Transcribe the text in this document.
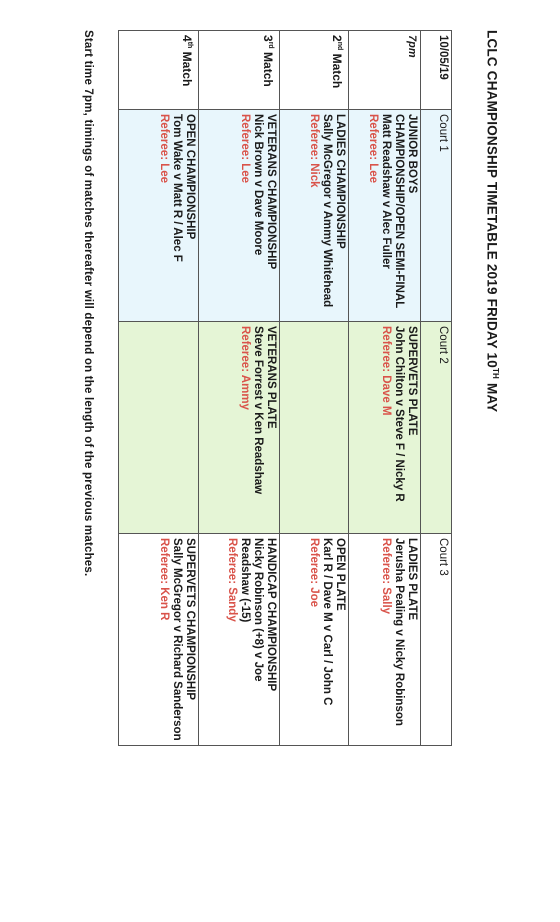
LCLC CHAMPIONSHIP TIMETABLE 2019 FRIDAY 10TH MAY
10/05/19	Court 1	Court 2	Court 3
7pm	JUNIOR BOYS CHAMPIONSHIP/OPEN SEMI-FINAL
Matt Readshaw v Alec Fuller
Referee: Lee	SUPERVETS PLATE
John Chilton v Steve F / Nicky R
Referee: Dave M	LADIES PLATE
Jerusha Pealing v Nicky Robinson
Referee: Sally

2nd Match	LADIES CHAMPIONSHIP
Sally McGregor v Ammy Whitehead
Referee: Nick		OPEN PLATE
Karl R / Dave M v Carl / John C
Referee: Joe

3rd Match	VETERANS CHAMPIONSHIP
Nick Brown v Dave Moore
Referee: Lee	VETERANS PLATE
Steve Forrest v Ken Readshaw
Referee: Ammy	HANDICAP CHAMPIONSHIP
Nicky Robinson (+8) v Joe Readshaw (-15)
Referee: Sandy

4th Match	OPEN CHAMPIONSHIP
Tom Wake v Matt R / Alec F
Referee: Lee		SUPERVETS CHAMPIONSHIP
Sally McGregor v Richard Sanderson
Referee: Ken R
Start time 7pm, timings of matches thereafter will depend on the length of the previous matches.
